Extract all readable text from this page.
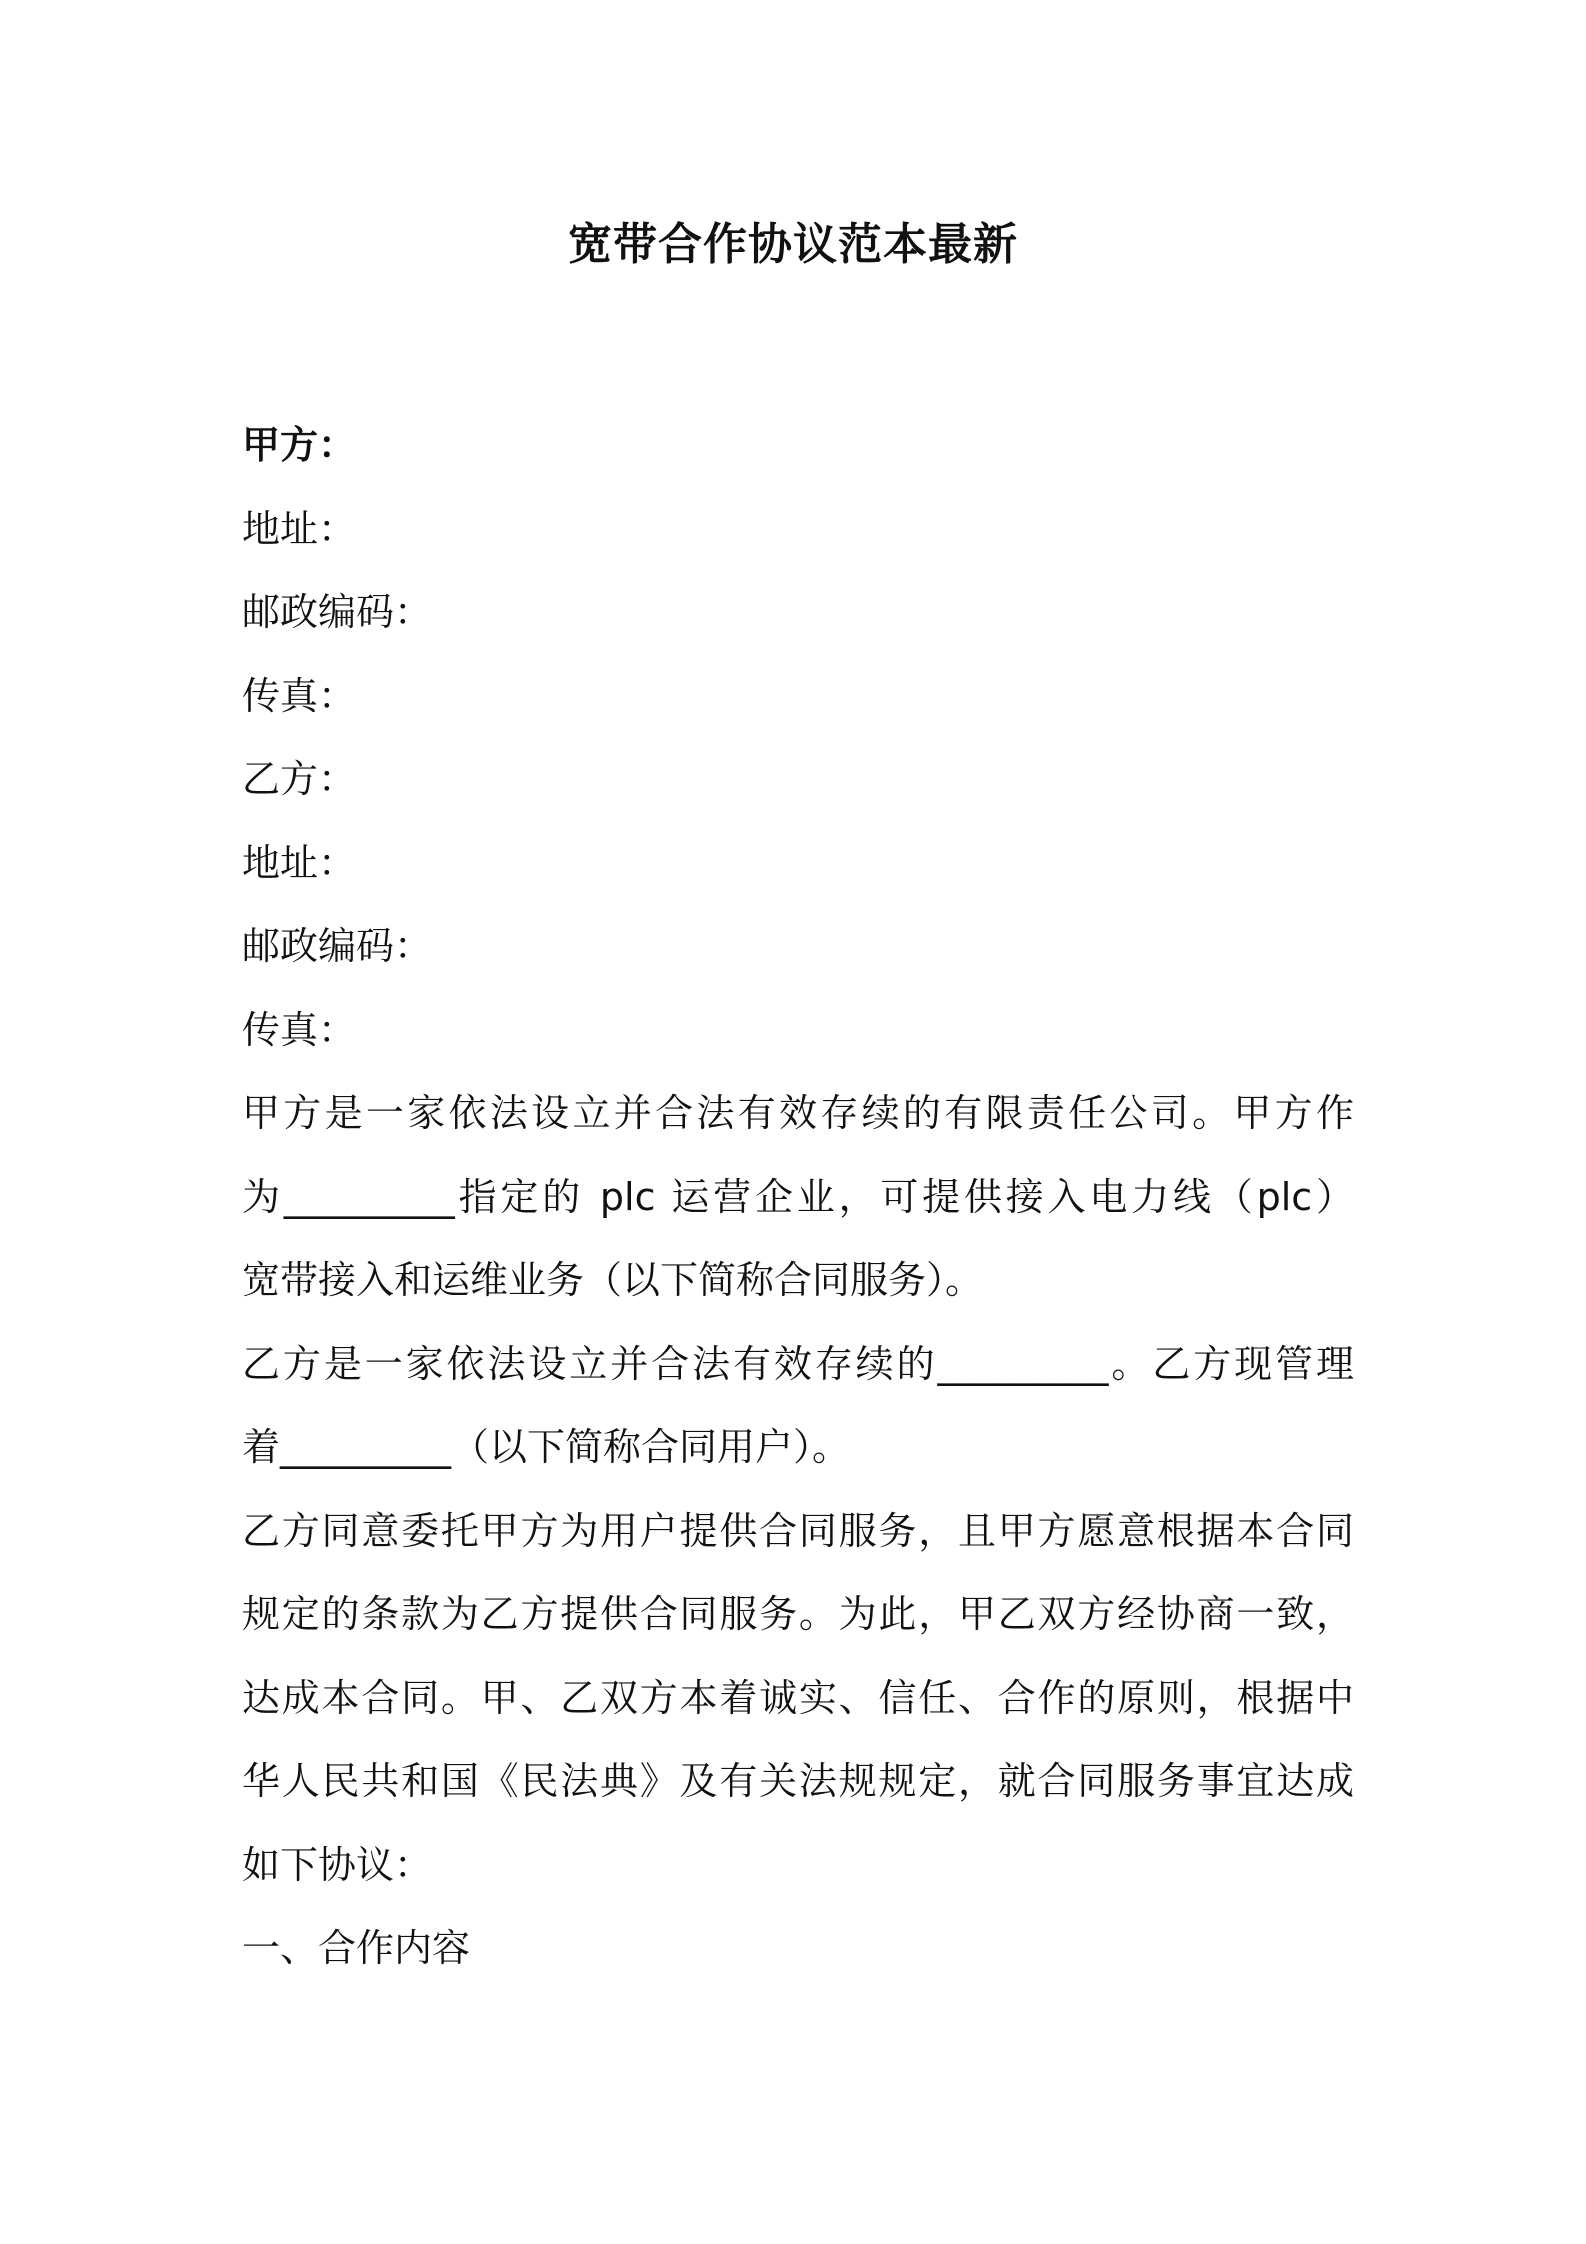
宽带合作协议范本最新
甲方：
地址：
邮政编码：
传真：
乙方：
地址：
邮政编码：
传真：
甲方是一家依法设立并合法有效存续的有限责任公司。甲方作
为_________指定的 plc 运营企业，可提供接入电力线（plc）
宽带接入和运维业务（以下简称合同服务）。
乙方是一家依法设立并合法有效存续的_________。乙方现管理
着_________（以下简称合同用户）。
乙方同意委托甲方为用户提供合同服务，且甲方愿意根据本合同
规定的条款为乙方提供合同服务。为此，甲乙双方经协商一致，
达成本合同。甲、乙双方本着诚实、信任、合作的原则，根据中
华人民共和国《民法典》及有关法规规定，就合同服务事宜达成
如下协议：
一、合作内容
